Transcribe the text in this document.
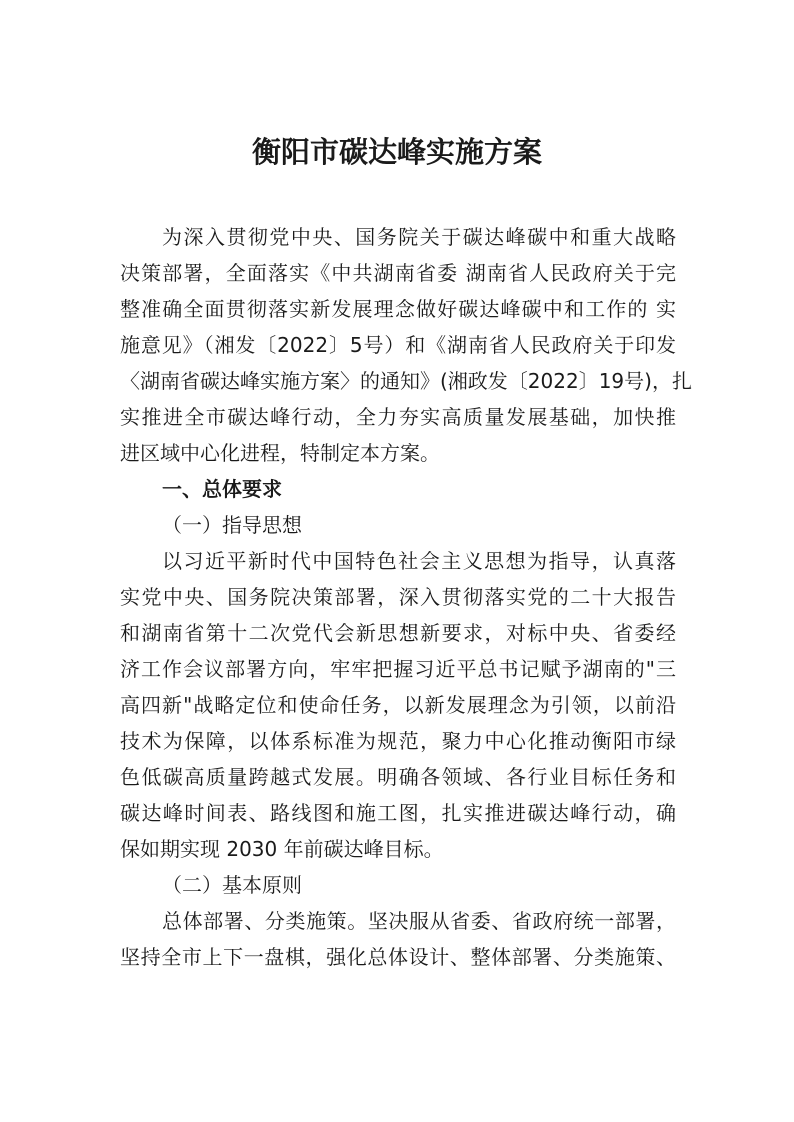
衡阳市碳达峰实施方案

为深入贯彻党中央、国务院关于碳达峰碳中和重大战略

决策部署，全面落实《中共湖南省委 湖南省人民政府关于完

整准确全面贯彻落实新发展理念做好碳达峰碳中和工作的 实

施意见》（湘发〔2022〕5号）和《湖南省人民政府关于印发

〈湖南省碳达峰实施方案〉的通知》(湘政发〔2022〕19号)，扎

实推进全市碳达峰行动，全力夯实高质量发展基础，加快推

进区域中心化进程，特制定本方案。

一、总体要求

（一）指导思想

以习近平新时代中国特色社会主义思想为指导，认真落

实党中央、国务院决策部署，深入贯彻落实党的二十大报告

和湖南省第十二次党代会新思想新要求，对标中央、省委经

济工作会议部署方向，牢牢把握习近平总书记赋予湖南的"三

高四新"战略定位和使命任务，以新发展理念为引领，以前沿

技术为保障，以体系标准为规范，聚力中心化推动衡阳市绿

色低碳高质量跨越式发展。明确各领域、各行业目标任务和

碳达峰时间表、路线图和施工图，扎实推进碳达峰行动，确

保如期实现 2030 年前碳达峰目标。

（二）基本原则

总体部署、分类施策。坚决服从省委、省政府统一部署，

坚持全市上下一盘棋，强化总体设计、整体部署、分类施策、
